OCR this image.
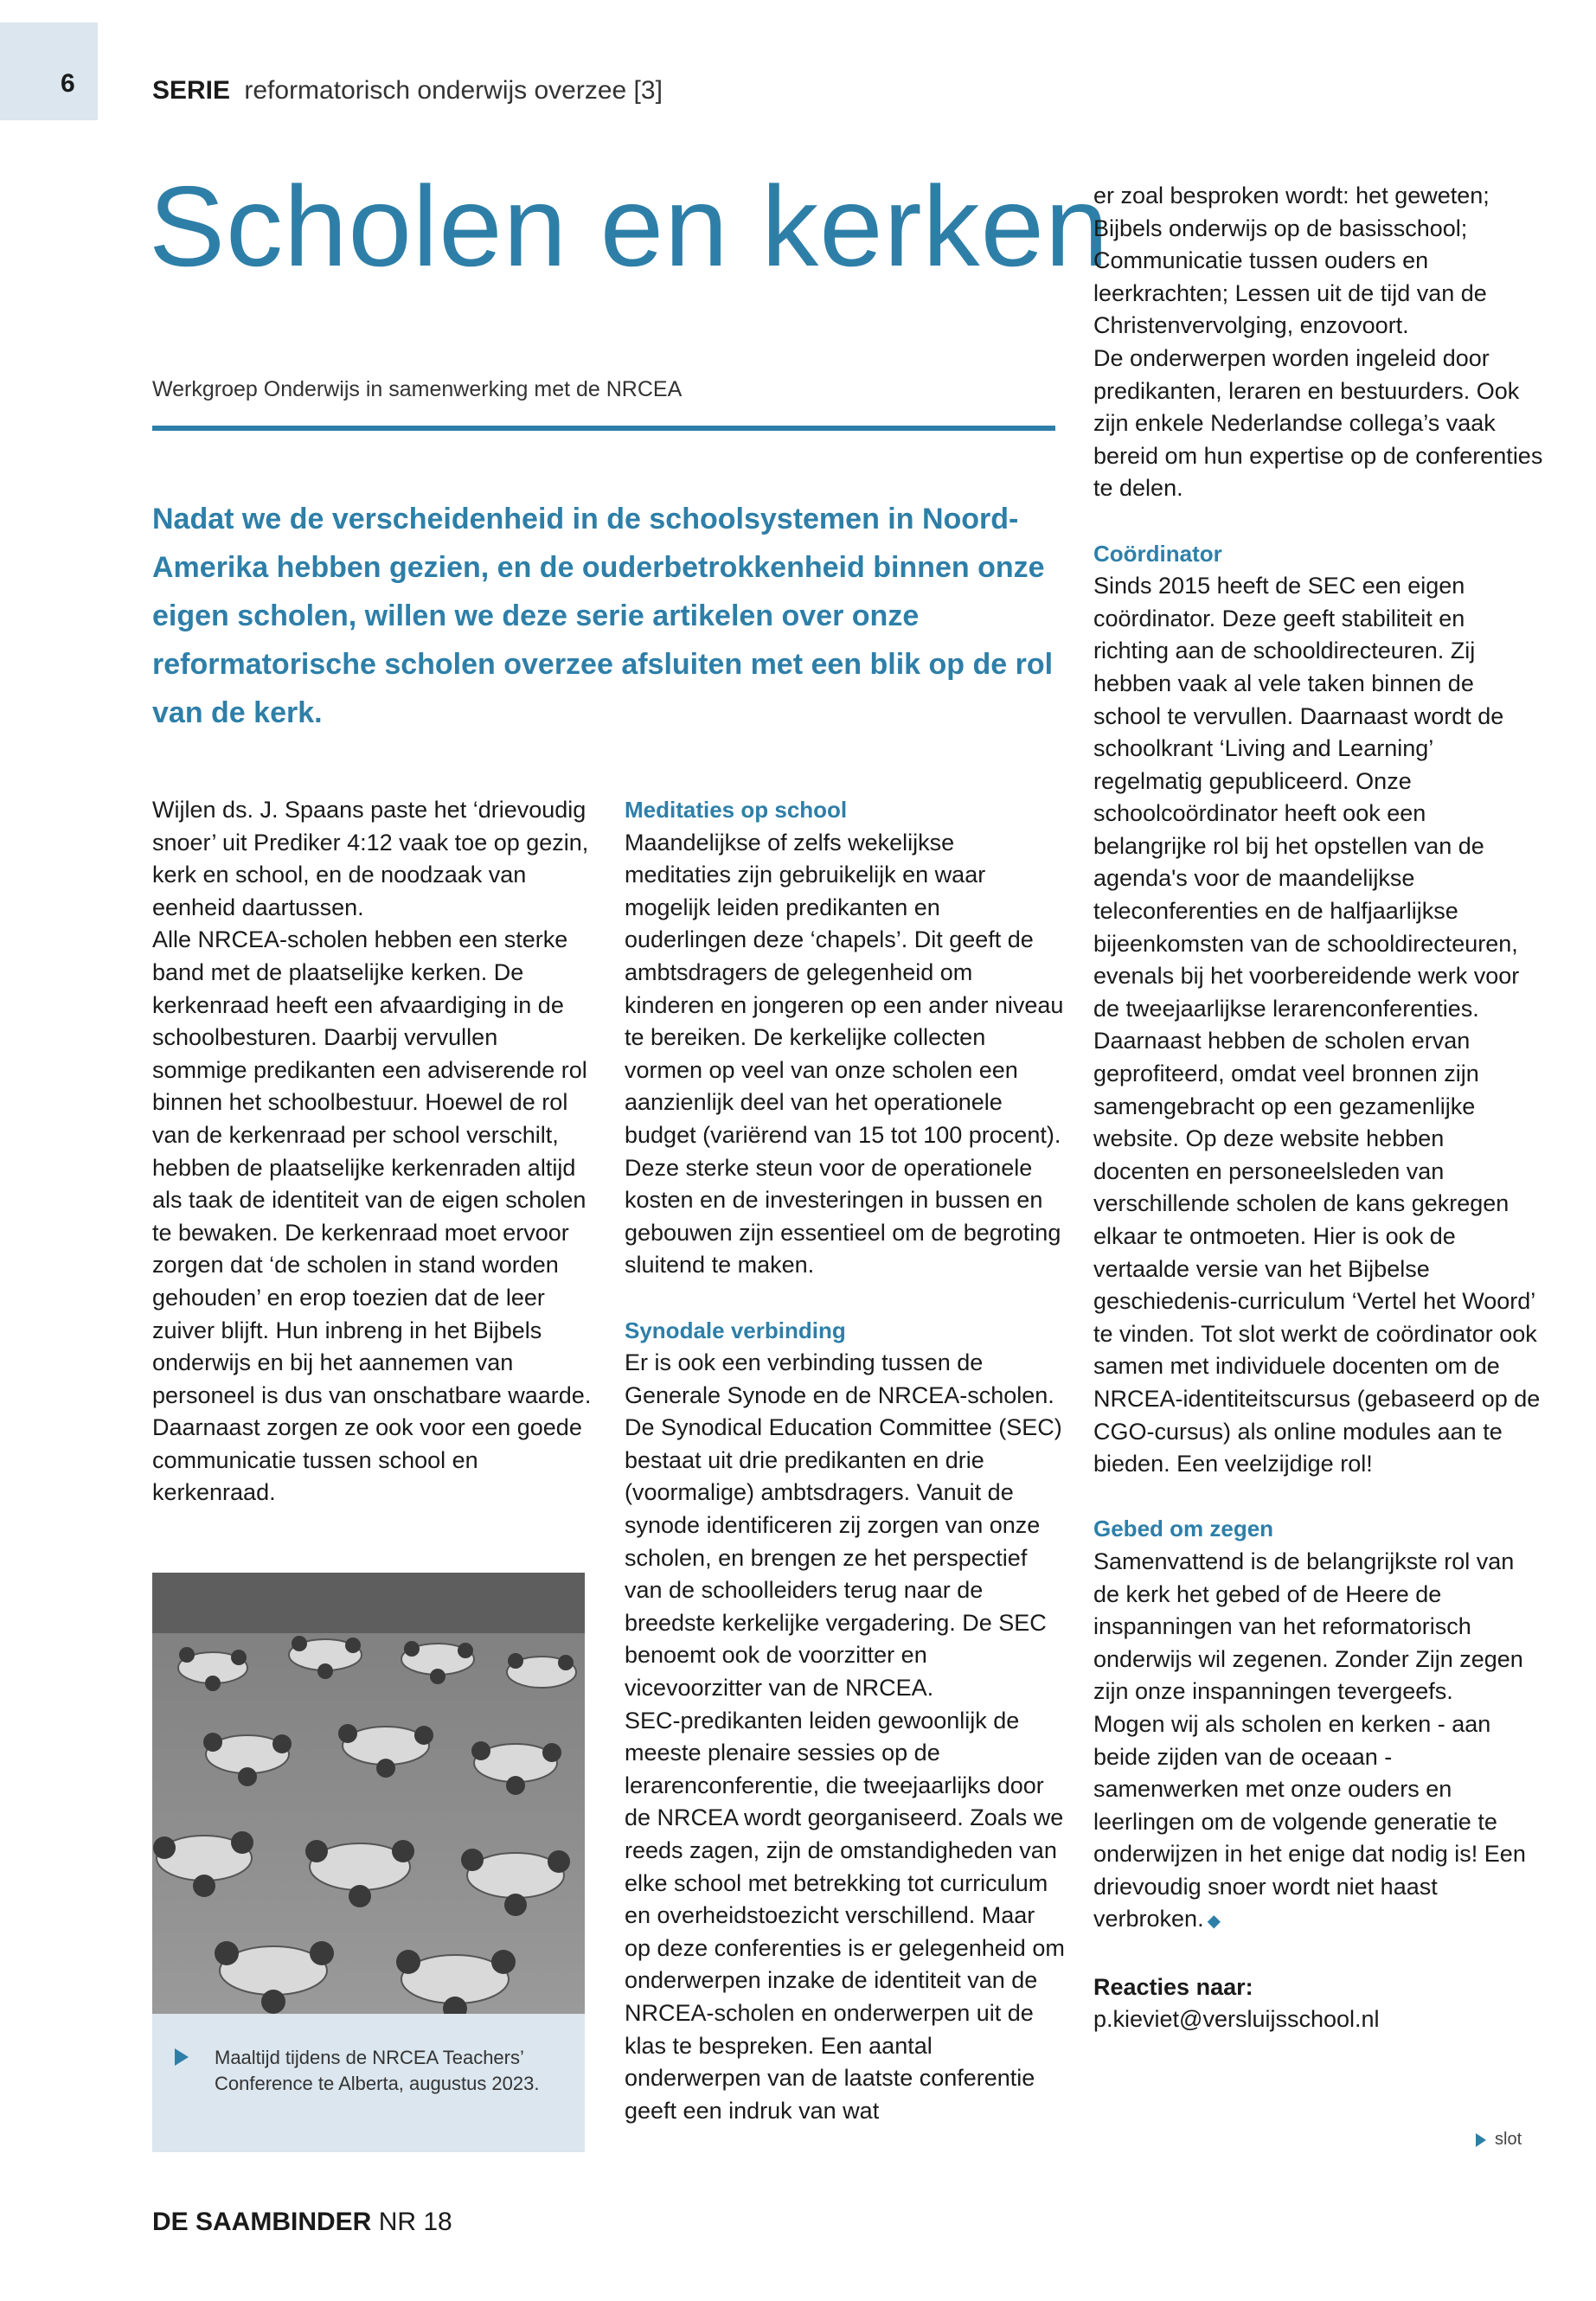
6	SERIE reformatorisch onderwijs overzee [3]
Scholen en kerken
Werkgroep Onderwijs in samenwerking met de NRCEA
Nadat we de verscheidenheid in de schoolsystemen in Noord-Amerika hebben gezien, en de ouderbetrokkenheid binnen onze eigen scholen, willen we deze serie artikelen over onze reformatorische scholen overzee afsluiten met een blik op de rol van de kerk.

Wijlen ds. J. Spaans paste het ‘drievoudig snoer’ uit Prediker 4:12 vaak toe op gezin, kerk en school, en de noodzaak van eenheid daartussen.

Alle NRCEA-scholen hebben een sterke band met de plaatselijke kerken. De kerkenraad heeft een afvaardiging in de schoolbesturen. Daarbij vervullen sommige predikanten een adviserende rol binnen het schoolbestuur. Hoewel de rol van de kerkenraad per school verschilt, hebben de plaatselijke kerkenraden altijd als taak de identiteit van de eigen scholen te bewaken. De kerkenraad moet ervoor zorgen dat ‘de scholen in stand worden gehouden’ en erop toezien dat de leer zuiver blijft. Hun inbreng in het Bijbels onderwijs en bij het aannemen van personeel is dus van onschatbare waarde. Daarnaast zorgen ze ook voor een goede communicatie tussen school en kerkenraad.

Maaltijd tijdens de NRCEA Teachers’ Conference te Alberta, augustus 2023.
Meditaties op school

Maandelijkse of zelfs wekelijkse meditaties zijn gebruikelijk en waar mogelijk leiden predikanten en ouderlingen deze ‘chapels’. Dit geeft de ambtsdragers de gelegenheid om kinderen en jongeren op een ander niveau te bereiken. De kerkelijke collecten vormen op veel van onze scholen een aanzienlijk deel van het operationele budget (variërend van 15 tot 100 procent). Deze sterke steun voor de operationele kosten en de investeringen in bussen en gebouwen zijn essentieel om de begroting sluitend te maken.

Synodale verbinding

Er is ook een verbinding tussen de Generale Synode en de NRCEA-scholen. De Synodical Education Committee (SEC) bestaat uit drie predikanten en drie (voormalige) ambtsdragers. Vanuit de synode identificeren zij zorgen van onze scholen, en brengen ze het perspectief van de schoolleiders terug naar de breedste kerkelijke vergadering. De SEC benoemt ook de voorzitter en vicevoorzitter van de NRCEA.

SEC-predikanten leiden gewoonlijk de meeste plenaire sessies op de lerarenconferentie, die tweejaarlijks door de NRCEA wordt georganiseerd. Zoals we reeds zagen, zijn de omstandigheden van elke school met betrekking tot curriculum en overheidstoezicht verschillend. Maar op deze conferenties is er gelegenheid om onderwerpen inzake de identiteit van de NRCEA-scholen en onderwerpen uit de klas te bespreken. Een aantal onderwerpen van de laatste conferentie geeft een indruk van wat

er zoal besproken wordt: het geweten; Bijbels onderwijs op de basisschool; Communicatie tussen ouders en leerkrachten; Lessen uit de tijd van de Christenvervolging, enzovoort.

De onderwerpen worden ingeleid door predikanten, leraren en bestuurders. Ook zijn enkele Nederlandse collega’s vaak bereid om hun expertise op de conferenties te delen.

Coördinator

Sinds 2015 heeft de SEC een eigen coördinator. Deze geeft stabiliteit en richting aan de schooldirecteuren. Zij hebben vaak al vele taken binnen de school te vervullen. Daarnaast wordt de schoolkrant ‘Living and Learning’ regelmatig gepubliceerd. Onze schoolcoördinator heeft ook een belangrijke rol bij het opstellen van de agenda's voor de maandelijkse teleconferenties en de halfjaarlijkse bijeenkomsten van de schooldirecteuren, evenals bij het voorbereidende werk voor de tweejaarlijkse lerarenconferenties.

Daarnaast hebben de scholen ervan geprofiteerd, omdat veel bronnen zijn samengebracht op een gezamenlijke website. Op deze website hebben docenten en personeelsleden van verschillende scholen de kans gekregen elkaar te ontmoeten. Hier is ook de vertaalde versie van het Bijbelse geschiedenis-curriculum ‘Vertel het Woord’ te vinden. Tot slot werkt de coördinator ook samen met individuele docenten om de NRCEA-identiteitscursus (gebaseerd op de CGO-cursus) als online modules aan te bieden. Een veelzijdige rol!

Gebed om zegen

Samenvattend is de belangrijkste rol van de kerk het gebed of de Heere de inspanningen van het reformatorisch onderwijs wil zegenen. Zonder Zijn zegen zijn onze inspanningen tevergeefs.

Mogen wij als scholen en kerken - aan beide zijden van de oceaan - samenwerken met onze ouders en leerlingen om de volgende generatie te onderwijzen in het enige dat nodig is! Een drievoudig snoer wordt niet haast verbroken. ◆

Reacties naar:

p.kieviet@versluijsschool.nl

slot
DE SAAMBINDER NR 18
